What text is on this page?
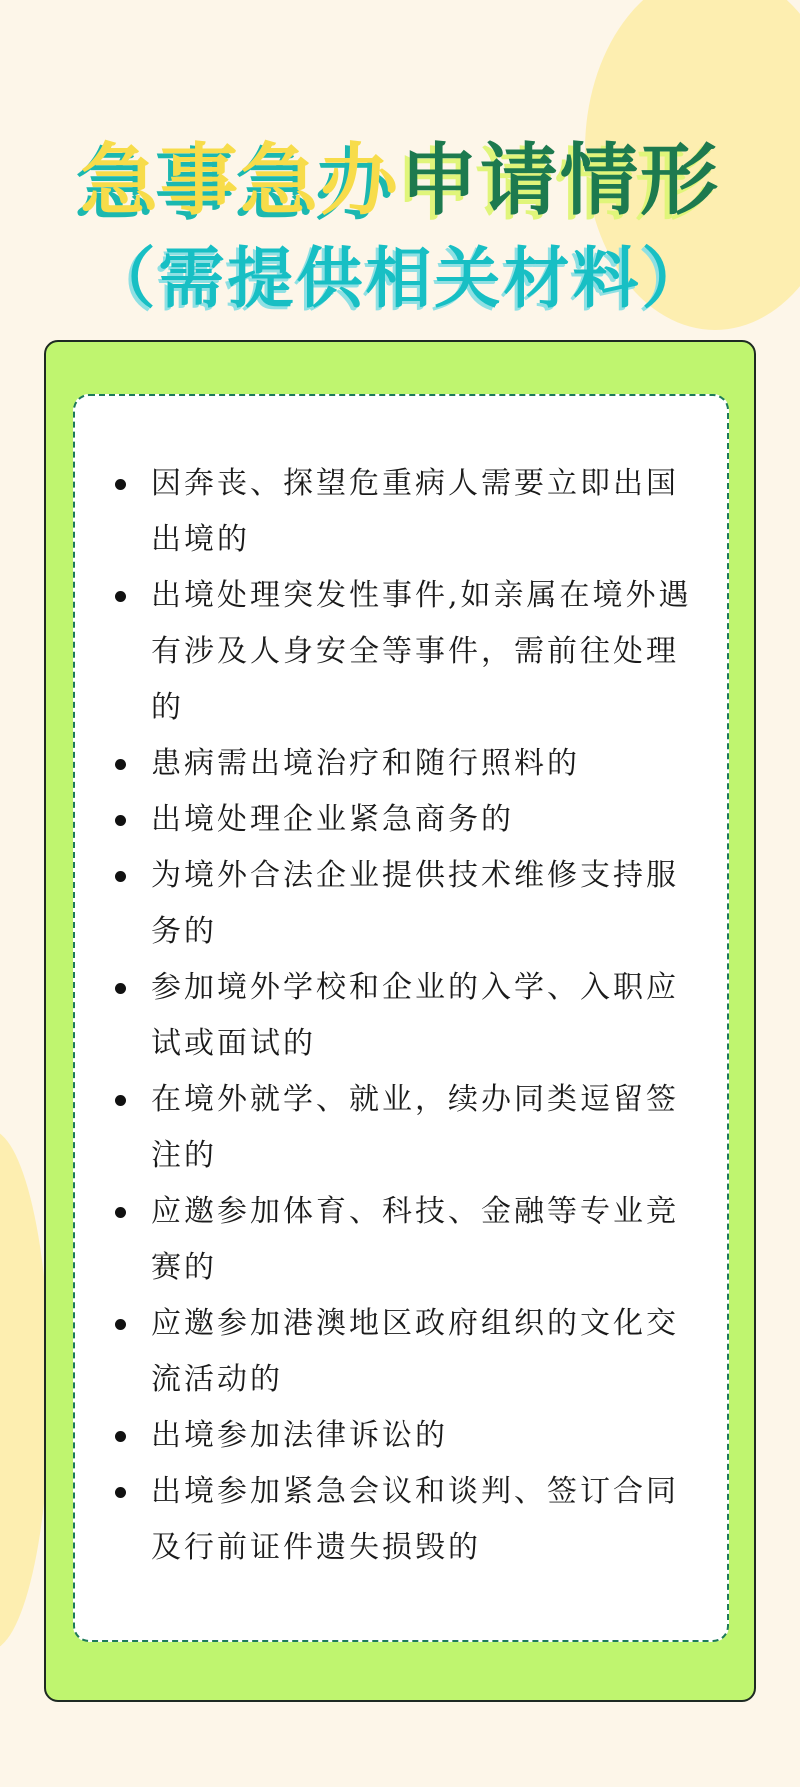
急事急办申请情形
（需提供相关材料）
因奔丧、探望危重病人需要立即出国出境的
出境处理突发性事件,如亲属在境外遇有涉及人身安全等事件，需前往处理的
患病需出境治疗和随行照料的
出境处理企业紧急商务的
为境外合法企业提供技术维修支持服务的
参加境外学校和企业的入学、入职应试或面试的
在境外就学、就业，续办同类逗留签注的
应邀参加体育、科技、金融等专业竞赛的
应邀参加港澳地区政府组织的文化交流活动的
出境参加法律诉讼的
出境参加紧急会议和谈判、签订合同及行前证件遗失损毁的
